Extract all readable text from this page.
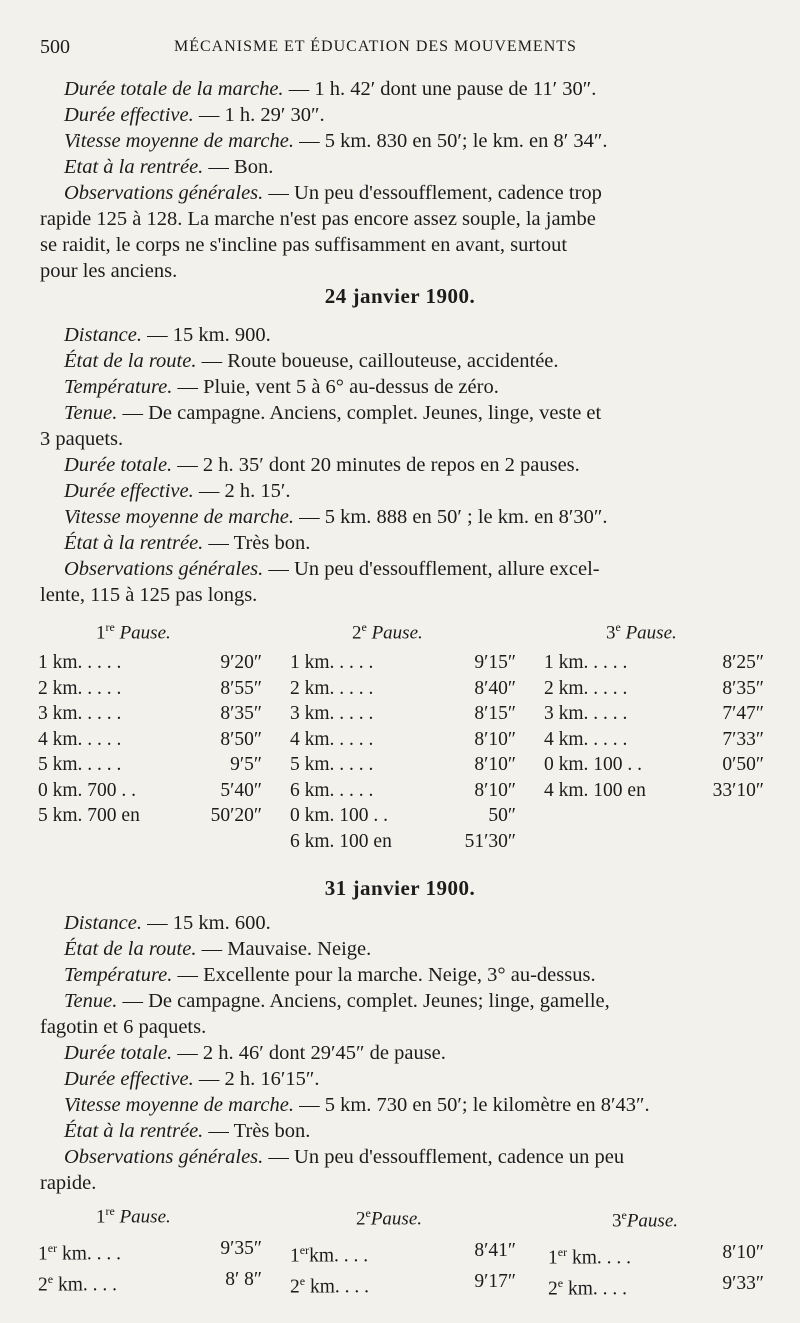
500	MÉCANISME ET ÉDUCATION DES MOUVEMENTS
Durée totale de la marche. — 1 h. 42′ dont une pause de 11′ 30″.
Durée effective. — 1 h. 29′ 30″.
Vitesse moyenne de marche. — 5 km. 830 en 50′; le km. en 8′ 34″.
Etat à la rentrée. — Bon.
Observations générales. — Un peu d'essoufflement, cadence trop
rapide 125 à 128. La marche n'est pas encore assez souple, la jambe
se raidit, le corps ne s'incline pas suffisamment en avant, surtout
pour les anciens.
24 janvier 1900.
Distance. — 15 km. 900.
État de la route. — Route boueuse, caillouteuse, accidentée.
Température. — Pluie, vent 5 à 6° au-dessus de zéro.
Tenue. — De campagne. Anciens, complet. Jeunes, linge, veste et
3 paquets.
Durée totale. — 2 h. 35′ dont 20 minutes de repos en 2 pauses.
Durée effective. — 2 h. 15′.
Vitesse moyenne de marche. — 5 km. 888 en 50′ ; le km. en 8′30″.
État à la rentrée. — Très bon.
Observations générales. — Un peu d'essoufflement, allure excel-
lente, 115 à 125 pas longs.
1re Pause.	2e Pause.	3e Pause.
1 km. . . . .	9′20″
2 km. . . . .	8′55″
3 km. . . . .	8′35″
4 km. . . . .	8′50″
5 km. . . . .	9′5″
0 km. 700 . .	5′40″
5 km. 700 en	50′20″
1 km. . . . .	9′15″
2 km. . . . .	8′40″
3 km. . . . .	8′15″
4 km. . . . .	8′10″
5 km. . . . .	8′10″
6 km. . . . .	8′10″
0 km. 100 . .	50″
6 km. 100 en	51′30″
1 km. . . . .	8′25″
2 km. . . . .	8′35″
3 km. . . . .	7′47″
4 km. . . . .	7′33″
0 km. 100 . .	0′50″
4 km. 100 en	33′10″
31 janvier 1900.
Distance. — 15 km. 600.
État de la route. — Mauvaise. Neige.
Température. — Excellente pour la marche. Neige, 3° au-dessus.
Tenue. — De campagne. Anciens, complet. Jeunes; linge, gamelle,
fagotin et 6 paquets.
Durée totale. — 2 h. 46′ dont 29′45″ de pause.
Durée effective. — 2 h. 16′15″.
Vitesse moyenne de marche. — 5 km. 730 en 50′; le kilomètre en 8′43″.
État à la rentrée. — Très bon.
Observations générales. — Un peu d'essoufflement, cadence un peu
rapide.
1re Pause.	2ePause.	3ePause.
1er km. . . .	9′35″
2e km. . . .	8′ 8″
1erkm. . . .	8′41″
2e km. . . .	9′17″
1er km. . . .	8′10″
2e km. . . .	9′33″
